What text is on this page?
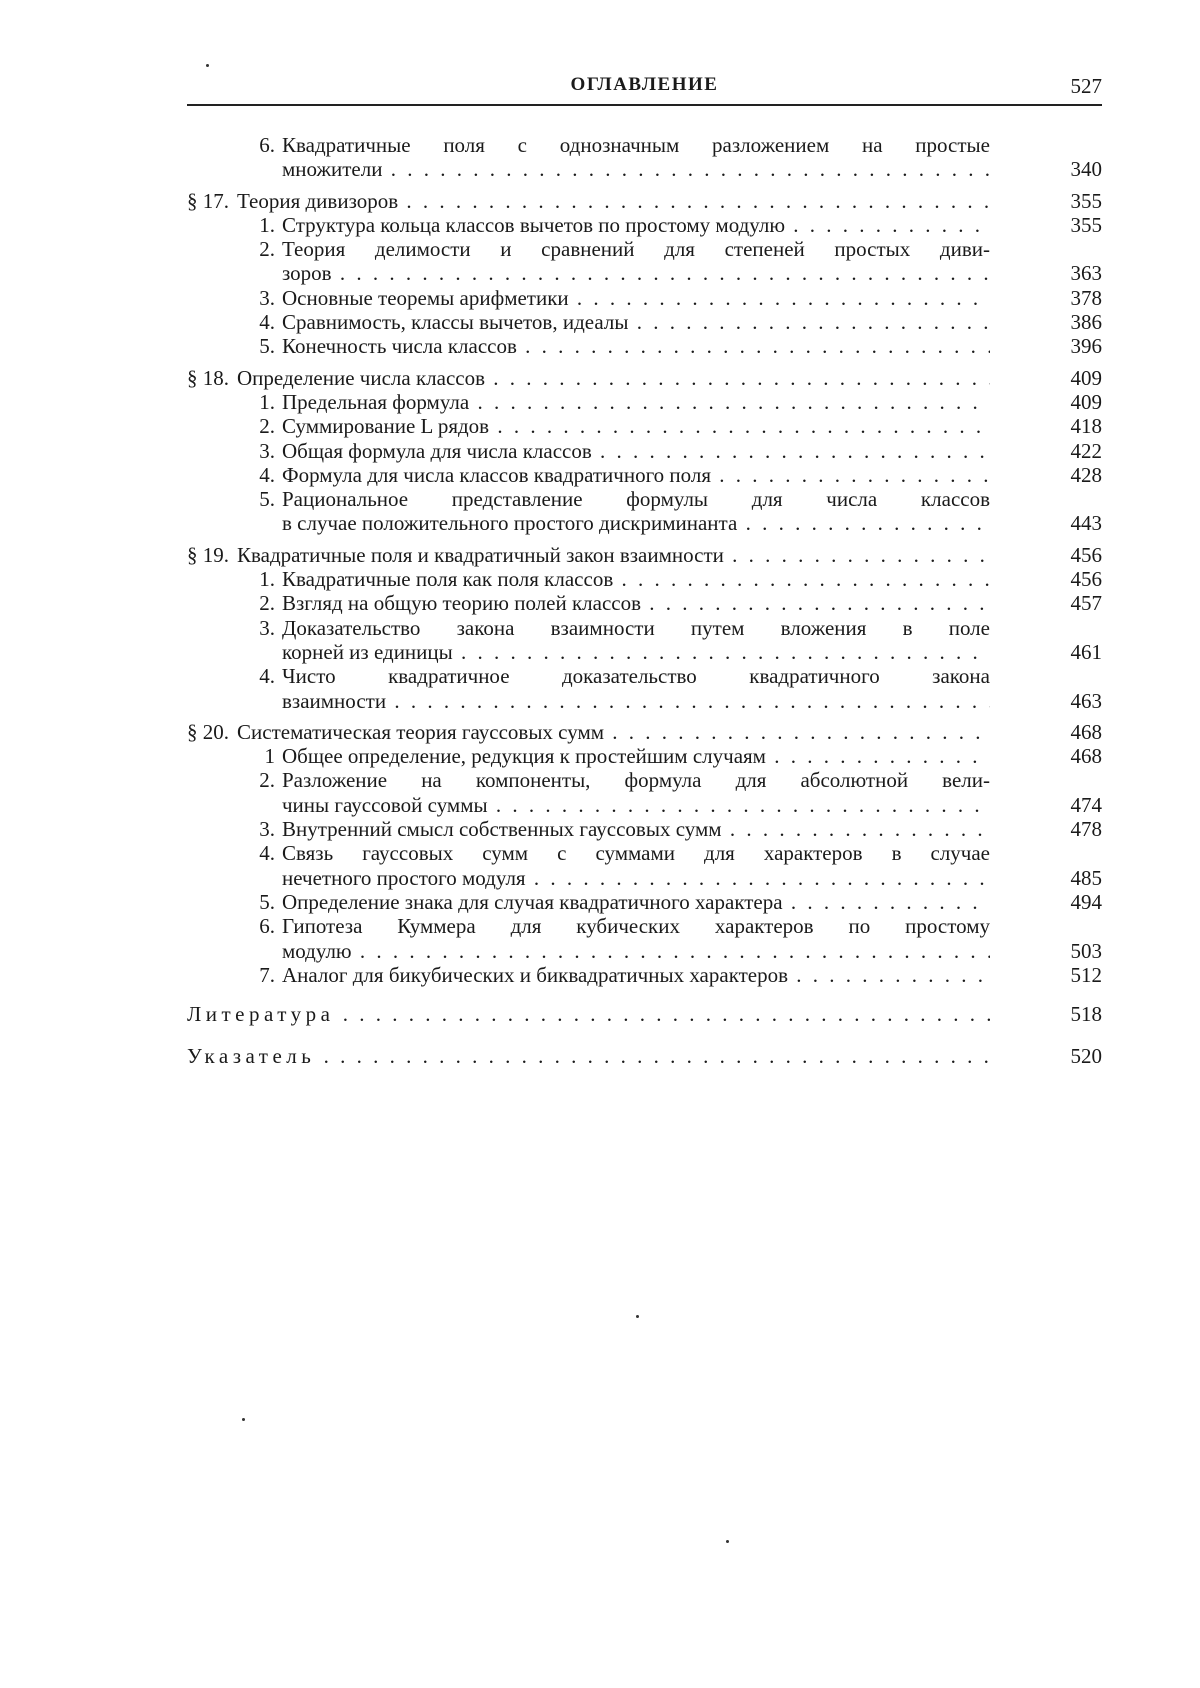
ОГЛАВЛЕНИЕ	527
6. Квадратичные поля с однозначным разложением на простые
множители . . .	340
§ 17. Теория дивизоров . . .	355
1. Структура кольца классов вычетов по простому модулю . . .	355
2. Теория делимости и сравнений для степеней простых диви-
зоров . . .	363
3. Основные теоремы арифметики . . .	378
4. Сравнимость, классы вычетов, идеалы . . .	386
5. Конечность числа классов . . .	396
§ 18. Определение числа классов . . .	409
1. Предельная формула . . .	409
2. Суммирование L рядов . . .	418
3. Общая формула для числа классов . . .	422
4. Формула для числа классов квадратичного поля . . .	428
5. Рациональное представление формулы для числа классов
в случае положительного простого дискриминанта . . .	443
§ 19. Квадратичные поля и квадратичный закон взаимности . . .	456
1. Квадратичные поля как поля классов . . .	456
2. Взгляд на общую теорию полей классов . . .	457
3. Доказательство закона взаимности путем вложения в поле
корней из единицы . . .	461
4. Чисто квадратичное доказательство квадратичного закона
взаимности . . .	463
§ 20. Систематическая теория гауссовых сумм . . .	468
1 Общее определение, редукция к простейшим случаям . . .	468
2. Разложение на компоненты, формула для абсолютной вели-
чины гауссовой суммы . . .	474
3. Внутренний смысл собственных гауссовых сумм . . .	478
4. Связь гауссовых сумм с суммами для характеров в случае
нечетного простого модуля . . .	485
5. Определение знака для случая квадратичного характера . . .	494
6. Гипотеза Куммера для кубических характеров по простому
модулю . . .	503
7. Аналог для бикубических и биквадратичных характеров . . .	512
Литература . . .	518
Указатель . . .	520
